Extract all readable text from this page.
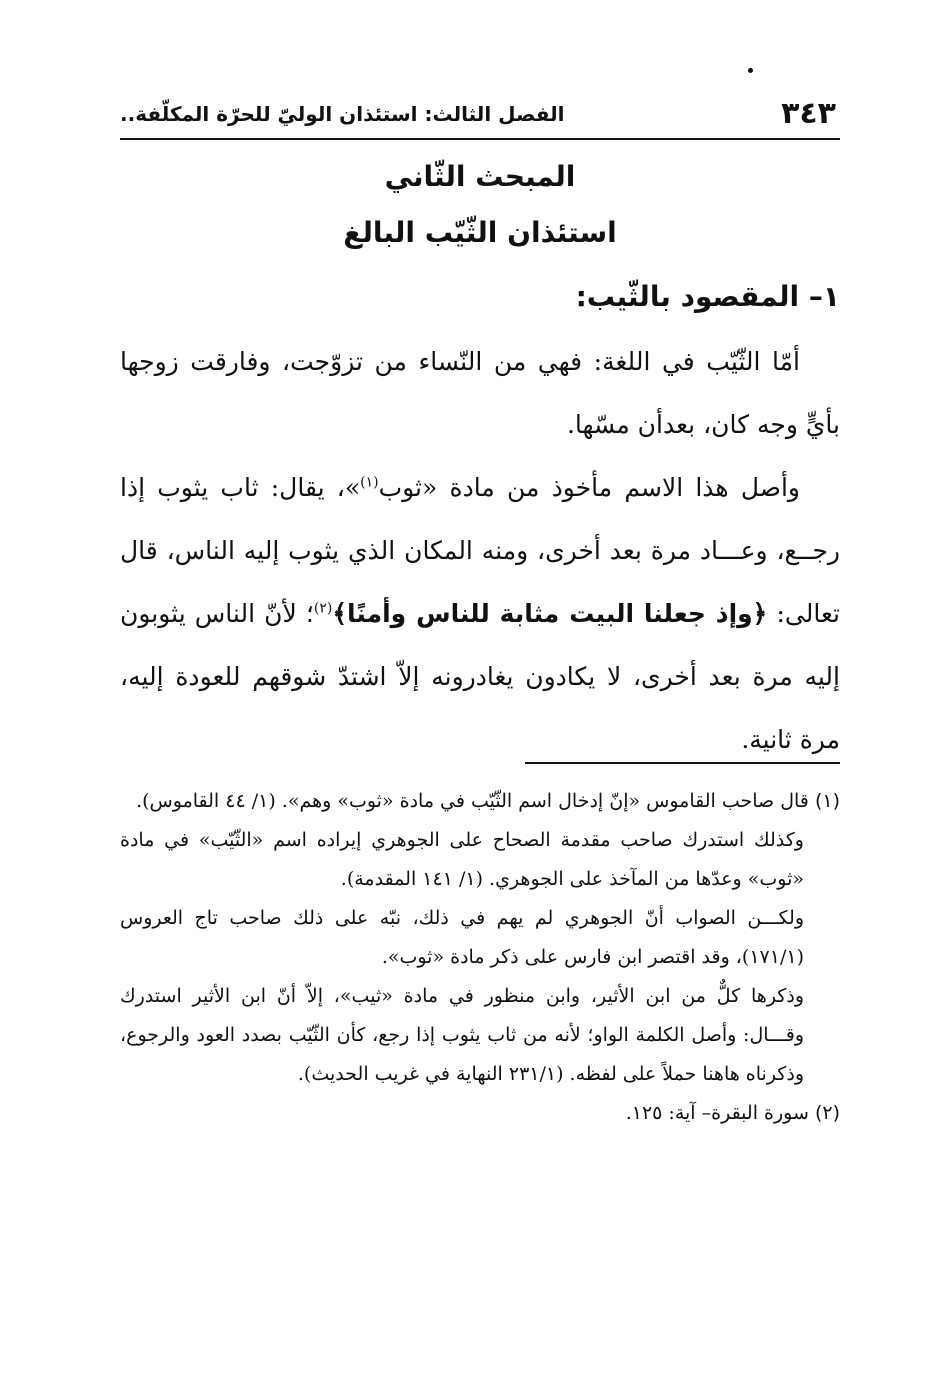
٣٤٣
الفصل الثالث: استئذان الوليّ للحرّة المكلّفة..
المبحث الثّاني
استئذان الثّيّب البالغ
١– المقصود بالثّيب:

أمّا الثّيّب في اللغة: فهي من النّساء من تزوّجت، وفارقت زوجها بأيٍّ وجه كان، بعدأن مسّها.

وأصل هذا الاسم مأخوذ من مادة «ثوب$^{(١)}$»، يقال: ثاب يثوب إذا رجــع، وعـــاد مرة بعد أخرى، ومنه المكان الذي يثوب إليه الناس، قال تعالى: ﴿وإذ جعلنا البيت مثابة للناس وأمنًا﴾$^{(٢)}$؛ لأنّ الناس يثوبون إليه مرة بعد أخرى، لا يكادون يغادرونه إلاّ اشتدّ شوقهم للعودة إليه، مرة ثانية.

(١) قال صاحب القاموس «إنّ إدخال اسم الثّيّب في مادة «ثوب» وهم». (١/ ٤٤ القاموس).

وكذلك استدرك صاحب مقدمة الصحاح على الجوهري إيراده اسم «الثّيّب» في مادة «ثوب» وعدّها من المآخذ على الجوهري. (١/ ١٤١ المقدمة).

ولكـــن الصواب أنّ الجوهري لم يهم في ذلك، نبّه على ذلك صاحب تاج العروس (١٧١/١)، وقد اقتصر ابن فارس على ذكر مادة «ثوب».

وذكرها كلٌّ من ابن الأثير، وابن منظور في مادة «ثيب»، إلاّ أنّ ابن الأثير استدرك وقـــال: وأصل الكلمة الواو؛ لأنه من ثاب يثوب إذا رجع، كأن الثّيّب بصدد العود والرجوع، وذكرناه هاهنا حملاً على لفظه. (٢٣١/١ النهاية في غريب الحديث).

(٢) سورة البقرة– آية: ١٢٥.
